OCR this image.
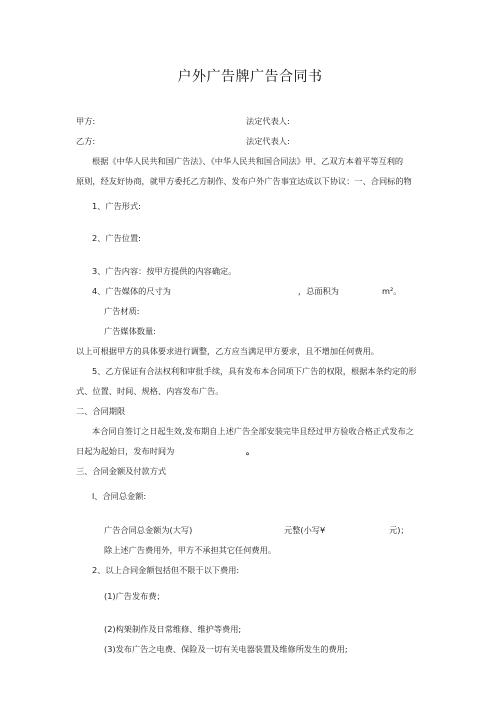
户外广告牌广告合同书
甲方:	法定代表人:
乙方:	法定代表人:
根据《中华人民共和国广告法》、《中华人民共和国合同法》甲、乙双方本着平等互利的
原则，经友好协商，就甲方委托乙方制作、发布户外广告事宜达成以下协议：一、合同标的物
1、广告形式:
2、广告位置:
3、广告内容：按甲方提供的内容确定。
4、广告媒体的尺寸为	，总面积为	m²。
广告材质:
广告媒体数量:
以上可根据甲方的具体要求进行调整，乙方应当满足甲方要求，且不增加任何费用。
5、乙方保证有合法权利和审批手续，具有发布本合同项下广告的权限，根据本条约定的形
式、位置、时间、规格、内容发布广告。
二、合同期限
本合同自签订之日起生效,发布期自上述广告全部安装完毕且经过甲方验收合格正式发布之
日起为起始日，发布时间为	。
三、合同金额及付款方式
l、合同总金额:
广告合同总金额为(大写)	元整(小写¥	元)；
除上述广告费用外，甲方不承担其它任何费用。
2、以上合同金额包括但不限于以下费用:
(1)广告发布费；
(2)构架制作及日常维修、维护等费用;
(3)发布广告之电费、保险及一切有关电器装置及维修所发生的费用;
